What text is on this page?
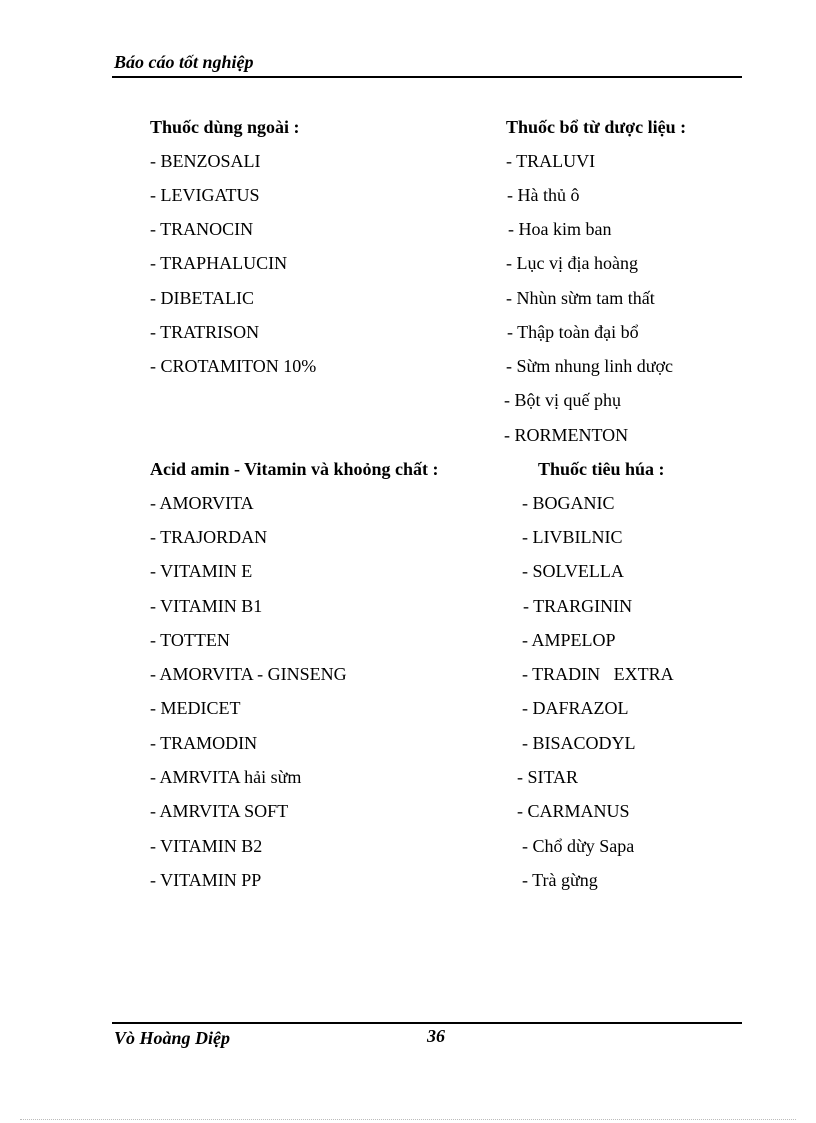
Báo cáo tốt nghiệp
Thuốc dùng ngoài :
- BENZOSALI
- LEVIGATUS
- TRANOCIN
- TRAPHALUCIN
- DIBETALIC
- TRATRISON
- CROTAMITON 10%
Thuốc bổ từ dược liệu :
- TRALUVI
- Hà thủ ô
- Hoa kim ban
- Lục vị địa hoàng
- Nhùn sừm tam thất
- Thập toàn đại bổ
- Sừm nhung linh dược
- Bột vị quế phụ
- RORMENTON
Acid amin - Vitamin và khoỏng chất :
- AMORVITA
- TRAJORDAN
- VITAMIN E
- VITAMIN B1
- TOTTEN
- AMORVITA - GINSENG
- MEDICET
- TRAMODIN
- AMRVITA hải sừm
- AMRVITA SOFT
- VITAMIN B2
- VITAMIN PP
Thuốc tiêu húa :
- BOGANIC
- LIVBILNIC
- SOLVELLA
- TRARGININ
- AMPELOP
- TRADIN   EXTRA
- DAFRAZOL
- BISACODYL
- SITAR
- CARMANUS
- Chổ dừy Sapa
- Trà gừng
Vò Hoàng Diệp	36
